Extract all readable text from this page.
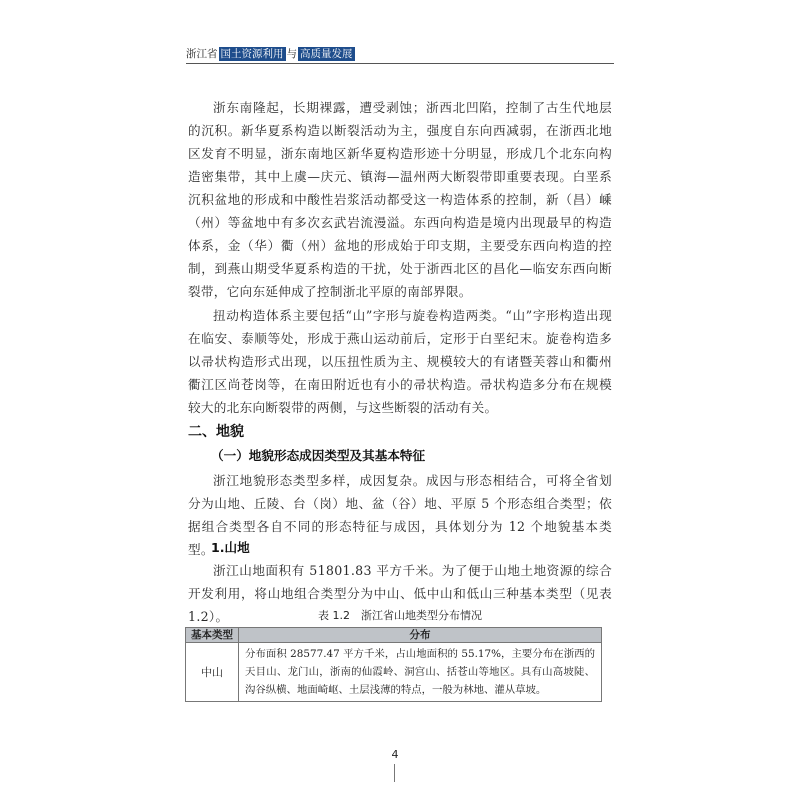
浙江省 国土资源利用 与 高质量发展

浙东南隆起，长期裸露，遭受剥蚀；浙西北凹陷，控制了古生代地层的沉积。新华夏系构造以断裂活动为主，强度自东向西减弱，在浙西北地区发育不明显，浙东南地区新华夏构造形迹十分明显，形成几个北东向构造密集带，其中上虞—庆元、镇海—温州两大断裂带即重要表现。白垩系沉积盆地的形成和中酸性岩浆活动都受这一构造体系的控制，新（昌）嵊（州）等盆地中有多次玄武岩流漫溢。东西向构造是境内出现最早的构造体系，金（华）衢（州）盆地的形成始于印支期，主要受东西向构造的控制，到燕山期受华夏系构造的干扰，处于浙西北区的昌化—临安东西向断裂带，它向东延伸成了控制浙北平原的南部界限。

扭动构造体系主要包括“山”字形与旋卷构造两类。“山”字形构造出现在临安、泰顺等处，形成于燕山运动前后，定形于白垩纪末。旋卷构造多以帚状构造形式出现，以压扭性质为主、规模较大的有诸暨芙蓉山和衢州衢江区尚苍岗等，在南田附近也有小的帚状构造。帚状构造多分布在规模较大的北东向断裂带的两侧，与这些断裂的活动有关。

二、地貌
（一）地貌形态成因类型及其基本特征

浙江地貌形态类型多样，成因复杂。成因与形态相结合，可将全省划分为山地、丘陵、台（岗）地、盆（谷）地、平原 5 个形态组合类型；依据组合类型各自不同的形态特征与成因，具体划分为 12 个地貌基本类型。

1.山地

浙江山地面积有 51801.83 平方千米。为了便于山地土地资源的综合开发利用，将山地组合类型分为中山、低中山和低山三种基本类型（见表 1.2）。	表 1.2　浙江省山地类型分布情况
基本类型	分布
中山	分布面积 28577.47 平方千米，占山地面积的 55.17%，主要分布在浙西的天目山、龙门山，浙南的仙霞岭、洞宫山、括苍山等地区。具有山高坡陡、沟谷纵横、地面崎岖、土层浅薄的特点，一般为林地、灌从草坡。
4
